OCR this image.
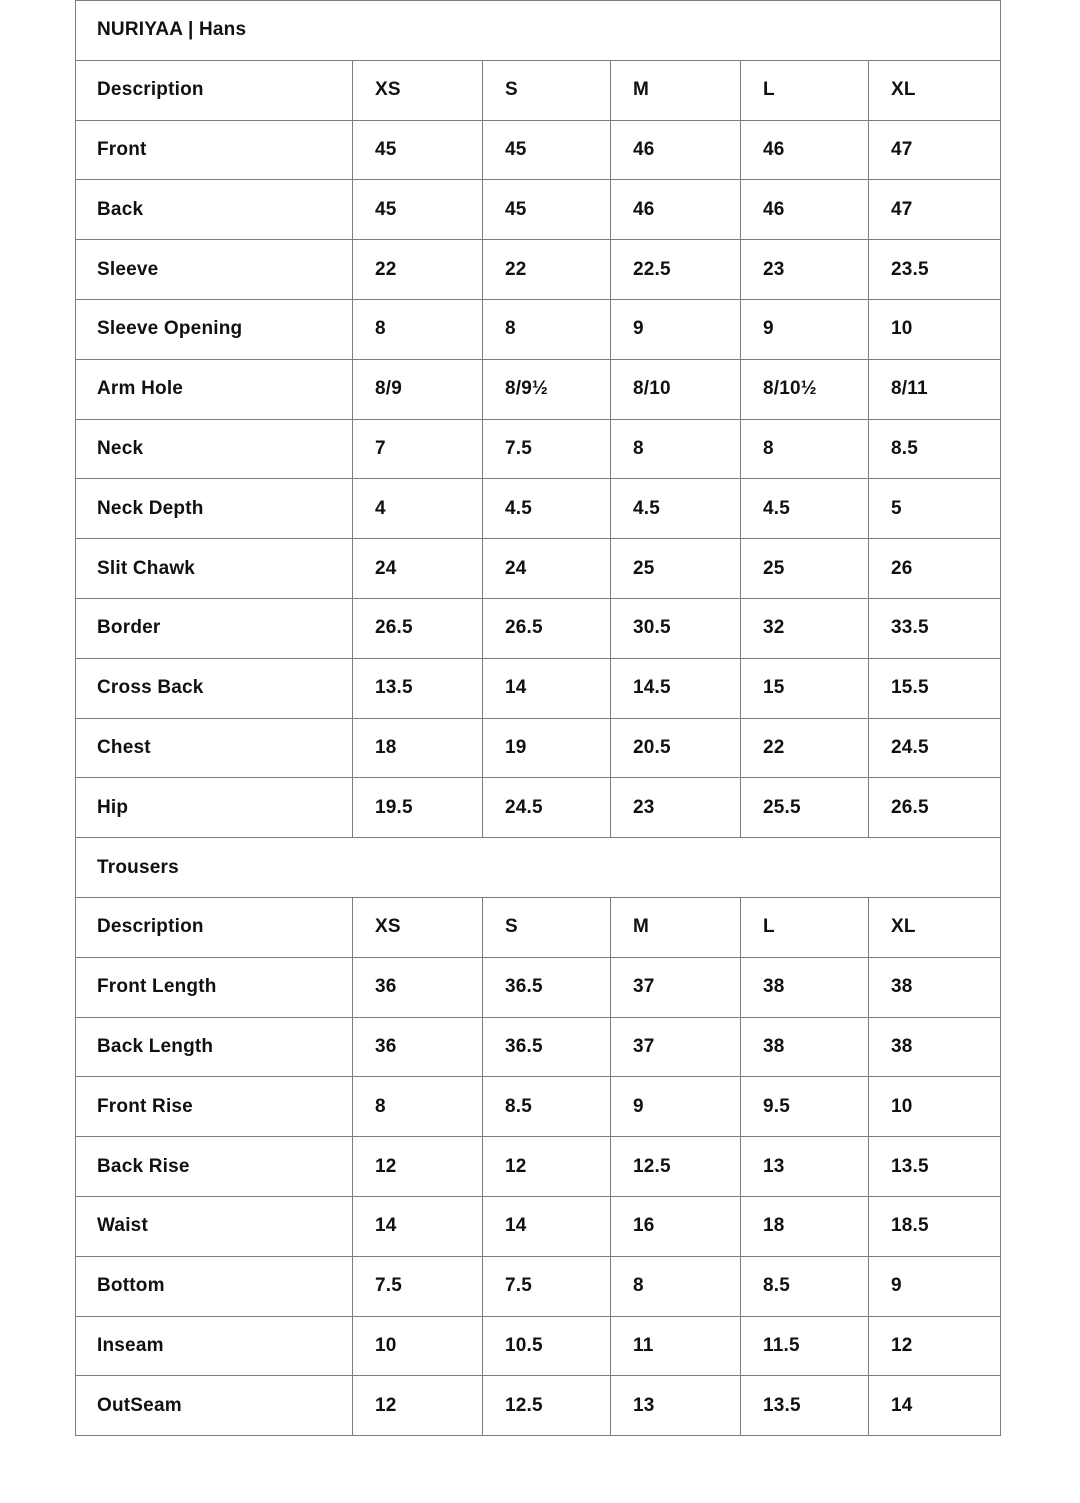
NURIYAA | Hans					
Description	XS	S	M	L	XL
Front	45	45	46	46	47
Back	45	45	46	46	47
Sleeve	22	22	22.5	23	23.5
Sleeve Opening	8	8	9	9	10
Arm Hole	8/9	8/9½	8/10	8/10½	8/11
Neck	7	7.5	8	8	8.5
Neck Depth	4	4.5	4.5	4.5	5
Slit Chawk	24	24	25	25	26
Border	26.5	26.5	30.5	32	33.5
Cross Back	13.5	14	14.5	15	15.5
Chest	18	19	20.5	22	24.5
Hip	19.5	24.5	23	25.5	26.5
Trousers					
Description	XS	S	M	L	XL
Front Length	36	36.5	37	38	38
Back Length	36	36.5	37	38	38
Front Rise	8	8.5	9	9.5	10
Back Rise	12	12	12.5	13	13.5
Waist	14	14	16	18	18.5
Bottom	7.5	7.5	8	8.5	9
Inseam	10	10.5	11	11.5	12
OutSeam	12	12.5	13	13.5	14
